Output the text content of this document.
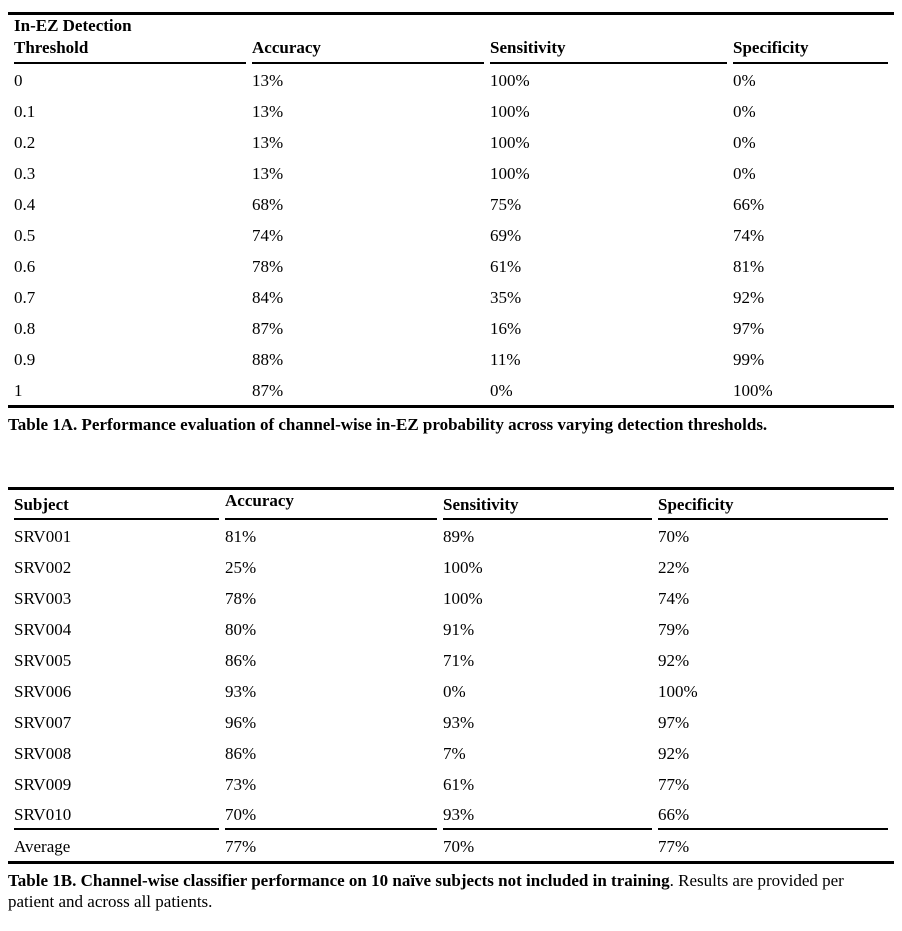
In-EZ Detection
Threshold	Accuracy	Sensitivity	Specificity
0	13%	100%	0%
0.1	13%	100%	0%
0.2	13%	100%	0%
0.3	13%	100%	0%
0.4	68%	75%	66%
0.5	74%	69%	74%
0.6	78%	61%	81%
0.7	84%	35%	92%
0.8	87%	16%	97%
0.9	88%	11%	99%
1	87%	0%	100%

Table 1A. Performance evaluation of channel-wise in-EZ probability across varying detection thresholds.

Subject	Accuracy	Sensitivity	Specificity
SRV001	81%	89%	70%
SRV002	25%	100%	22%
SRV003	78%	100%	74%
SRV004	80%	91%	79%
SRV005	86%	71%	92%
SRV006	93%	0%	100%
SRV007	96%	93%	97%
SRV008	86%	7%	92%
SRV009	73%	61%	77%
SRV010	70%	93%	66%
Average	77%	70%	77%

Table 1B. Channel-wise classifier performance on 10 naïve subjects not included in training. Results are provided per patient and across all patients.
